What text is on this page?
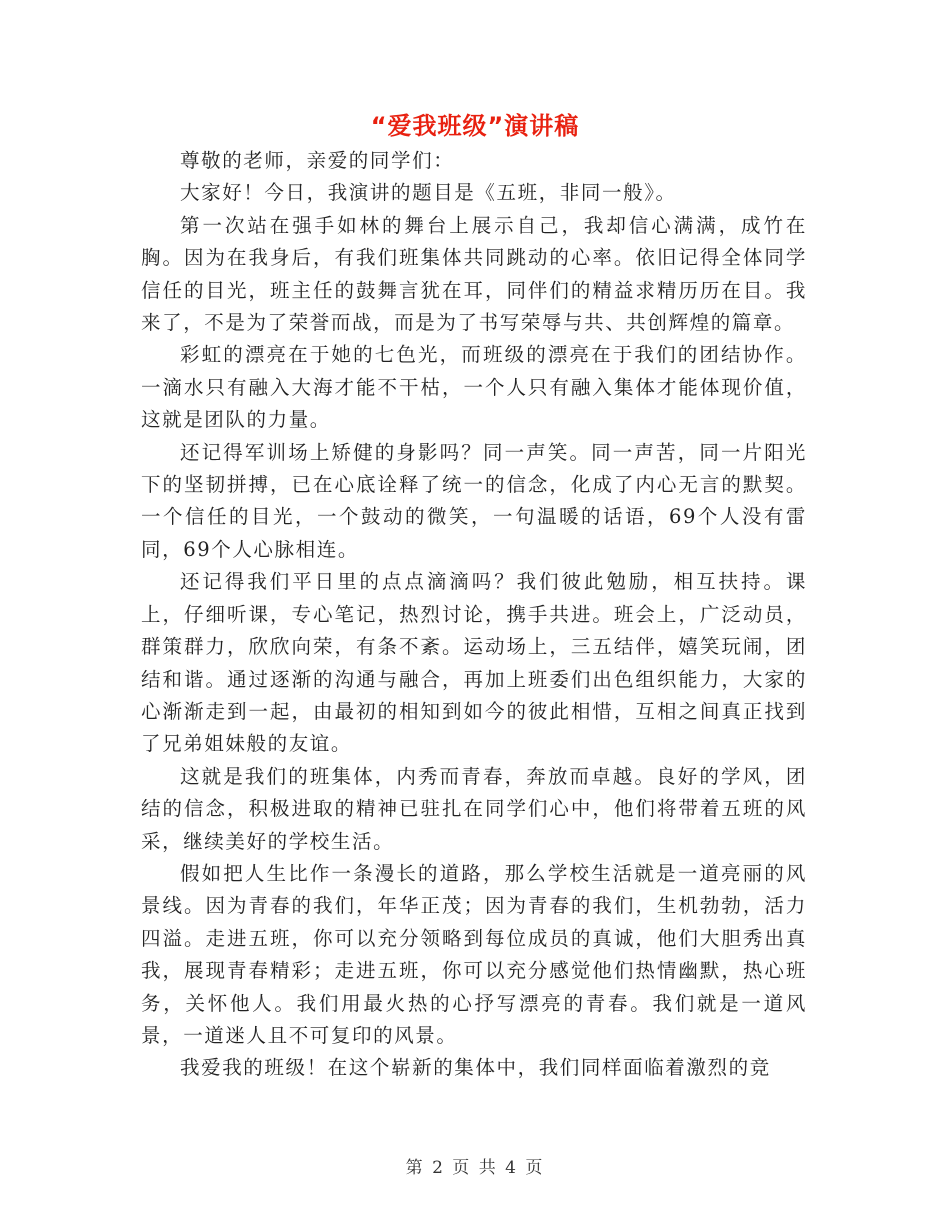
“爱我班级”演讲稿

尊敬的老师，亲爱的同学们：

大家好！今日，我演讲的题目是《五班，非同一般》。

第一次站在强手如林的舞台上展示自己，我却信心满满，成竹在胸。因为在我身后，有我们班集体共同跳动的心率。依旧记得全体同学信任的目光，班主任的鼓舞言犹在耳，同伴们的精益求精历历在目。我来了，不是为了荣誉而战，而是为了书写荣辱与共、共创辉煌的篇章。

彩虹的漂亮在于她的七色光，而班级的漂亮在于我们的团结协作。一滴水只有融入大海才能不干枯，一个人只有融入集体才能体现价值，这就是团队的力量。

还记得军训场上矫健的身影吗？同一声笑。同一声苦，同一片阳光下的坚韧拼搏，已在心底诠释了统一的信念，化成了内心无言的默契。一个信任的目光，一个鼓动的微笑，一句温暖的话语，69个人没有雷同，69个人心脉相连。

还记得我们平日里的点点滴滴吗？我们彼此勉励，相互扶持。课上，仔细听课，专心笔记，热烈讨论，携手共进。班会上，广泛动员，群策群力，欣欣向荣，有条不紊。运动场上，三五结伴，嬉笑玩闹，团结和谐。通过逐渐的沟通与融合，再加上班委们出色组织能力，大家的心渐渐走到一起，由最初的相知到如今的彼此相惜，互相之间真正找到了兄弟姐妹般的友谊。

这就是我们的班集体，内秀而青春，奔放而卓越。良好的学风，团结的信念，积极进取的精神已驻扎在同学们心中，他们将带着五班的风采，继续美好的学校生活。

假如把人生比作一条漫长的道路，那么学校生活就是一道亮丽的风景线。因为青春的我们，年华正茂；因为青春的我们，生机勃勃，活力四溢。走进五班，你可以充分领略到每位成员的真诚，他们大胆秀出真我，展现青春精彩；走进五班，你可以充分感觉他们热情幽默，热心班务，关怀他人。我们用最火热的心抒写漂亮的青春。我们就是一道风景，一道迷人且不可复印的风景。

我爱我的班级！在这个崭新的集体中，我们同样面临着激烈的竞

第 2 页 共 4 页
